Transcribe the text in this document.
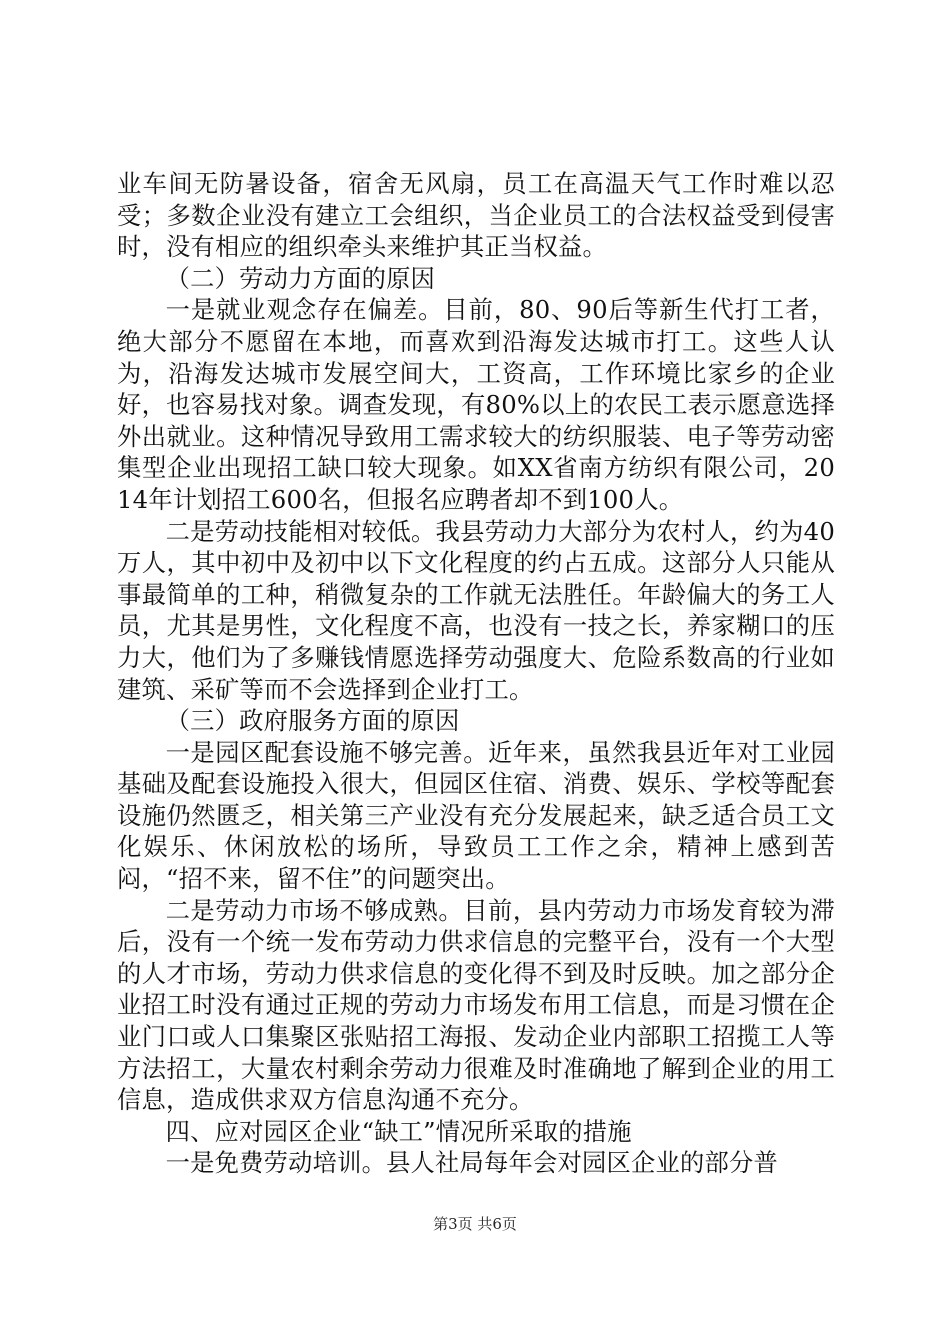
业车间无防暑设备，宿舍无风扇，员工在高温天气工作时难以忍受；多数企业没有建立工会组织，当企业员工的合法权益受到侵害时，没有相应的组织牵头来维护其正当权益。

（二）劳动力方面的原因

一是就业观念存在偏差。目前，80、90后等新生代打工者，绝大部分不愿留在本地，而喜欢到沿海发达城市打工。这些人认为，沿海发达城市发展空间大，工资高，工作环境比家乡的企业好，也容易找对象。调查发现，有80%以上的农民工表示愿意选择外出就业。这种情况导致用工需求较大的纺织服装、电子等劳动密集型企业出现招工缺口较大现象。如XX省南方纺织有限公司，2014年计划招工600名，但报名应聘者却不到100人。

二是劳动技能相对较低。我县劳动力大部分为农村人，约为40万人，其中初中及初中以下文化程度的约占五成。这部分人只能从事最简单的工种，稍微复杂的工作就无法胜任。年龄偏大的务工人员，尤其是男性，文化程度不高，也没有一技之长，养家糊口的压力大，他们为了多赚钱情愿选择劳动强度大、危险系数高的行业如建筑、采矿等而不会选择到企业打工。

（三）政府服务方面的原因

一是园区配套设施不够完善。近年来，虽然我县近年对工业园基础及配套设施投入很大，但园区住宿、消费、娱乐、学校等配套设施仍然匮乏，相关第三产业没有充分发展起来，缺乏适合员工文化娱乐、休闲放松的场所，导致员工工作之余，精神上感到苦闷，“招不来，留不住”的问题突出。

二是劳动力市场不够成熟。目前，县内劳动力市场发育较为滞后，没有一个统一发布劳动力供求信息的完整平台，没有一个大型的人才市场，劳动力供求信息的变化得不到及时反映。加之部分企业招工时没有通过正规的劳动力市场发布用工信息，而是习惯在企业门口或人口集聚区张贴招工海报、发动企业内部职工招揽工人等方法招工，大量农村剩余劳动力很难及时准确地了解到企业的用工信息，造成供求双方信息沟通不充分。

四、应对园区企业“缺工”情况所采取的措施

一是免费劳动培训。县人社局每年会对园区企业的部分普

第3页 共6页
